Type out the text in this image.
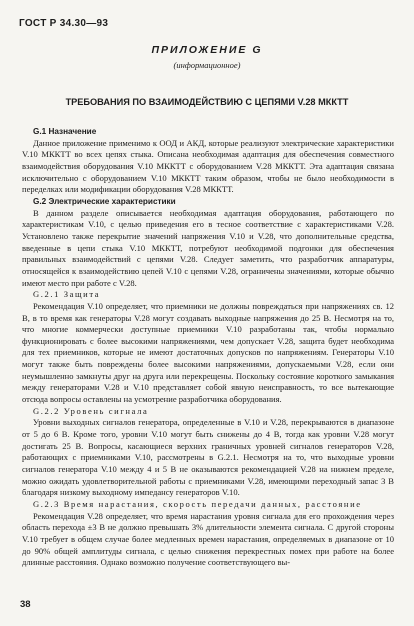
ГОСТ Р 34.30—93
ПРИЛОЖЕНИЕ G
(информационное)
ТРЕБОВАНИЯ ПО ВЗАИМОДЕЙСТВИЮ С ЦЕПЯМИ V.28 МККТТ
G.1 Назначение

Данное приложение применимо к ООД и АКД, которые реализуют электрические характеристики V.10 МККТТ во всех цепях стыка. Описана необходимая адаптация для обеспечения совместного взаимодействия оборудования V.10 МККТТ с оборудованием V.28 МККТТ. Эта адаптация связана исключительно с оборудованием V.10 МККТТ таким образом, чтобы не было необходимости в переделках или модификации оборудования V.28 МККТТ.

G.2 Электрические характеристики

В данном разделе описывается необходимая адаптация оборудования, работающего по характеристикам V.10, с целью приведения его в тесное соответствие с характеристиками V.28. Установлено также перекрытие значений напряжения V.10 и V.28, что дополнительные средства, введенные в цепи стыка V.10 МККТТ, потребуют необходимой подгонки для обеспечения правильных взаимодействий с цепями V.28. Следует заметить, что разработчик аппаратуры, относящейся к взаимодействию цепей V.10 с цепями V.28, ограничены значениями, которые обычно имеют место при работе с V.28.

G.2.1 Защита

Рекомендация V.10 определяет, что приемники не должны повреждаться при напряжениях св. 12 В, в то время как генераторы V.28 могут создавать выходные напряжения до 25 В. Несмотря на то, что многие коммерчески доступные приемники V.10 разработаны так, чтобы нормально функционировать с более высокими напряжениями, чем допускает V.28, защита будет необходима для тех приемников, которые не имеют достаточных допусков по напряжениям. Генераторы V.10 могут также быть повреждены более высокими напряжениями, допускаемыми V.28, если они неумышленно замкнуты друг на друга или перекрещены. Поскольку состояние короткого замыкания между генераторами V.28 и V.10 представляет собой явную неисправность, то все вытекающие отсюда вопросы оставлены на усмотрение разработчика оборудования.

G.2.2 Уровень сигнала

Уровни выходных сигналов генератора, определенные в V.10 и V.28, перекрываются в диапазоне от 5 до 6 В. Кроме того, уровни V.10 могут быть снижены до 4 В, тогда как уровни V.28 могут достигать 25 В. Вопросы, касающиеся верхних граничных уровней сигналов генераторов V.28, работающих с приемниками V.10, рассмотрены в G.2.1. Несмотря на то, что выходные уровни сигналов генератора V.10 между 4 и 5 В не оказываются рекомендацией V.28 на нижнем пределе, можно ожидать удовлетворительной работы с приемниками V.28, имеющими переходный запас 3 В благодаря низкому выходному импедансу генераторов V.10.

G.2.3 Время нарастания, скорость передачи данных, расстояние

Рекомендация V.28 определяет, что время нарастания уровня сигнала для его прохождения через область перехода ±3 В не должно превышать 3% длительности элемента сигнала. С другой стороны V.10 требует в общем случае более медленных времен нарастания, определяемых в диапазоне от 10 до 90% общей амплитуды сигнала, с целью снижения перекрестных помех при работе на более длинные расстояния. Однако возможно получение соответствующего вы-

38
